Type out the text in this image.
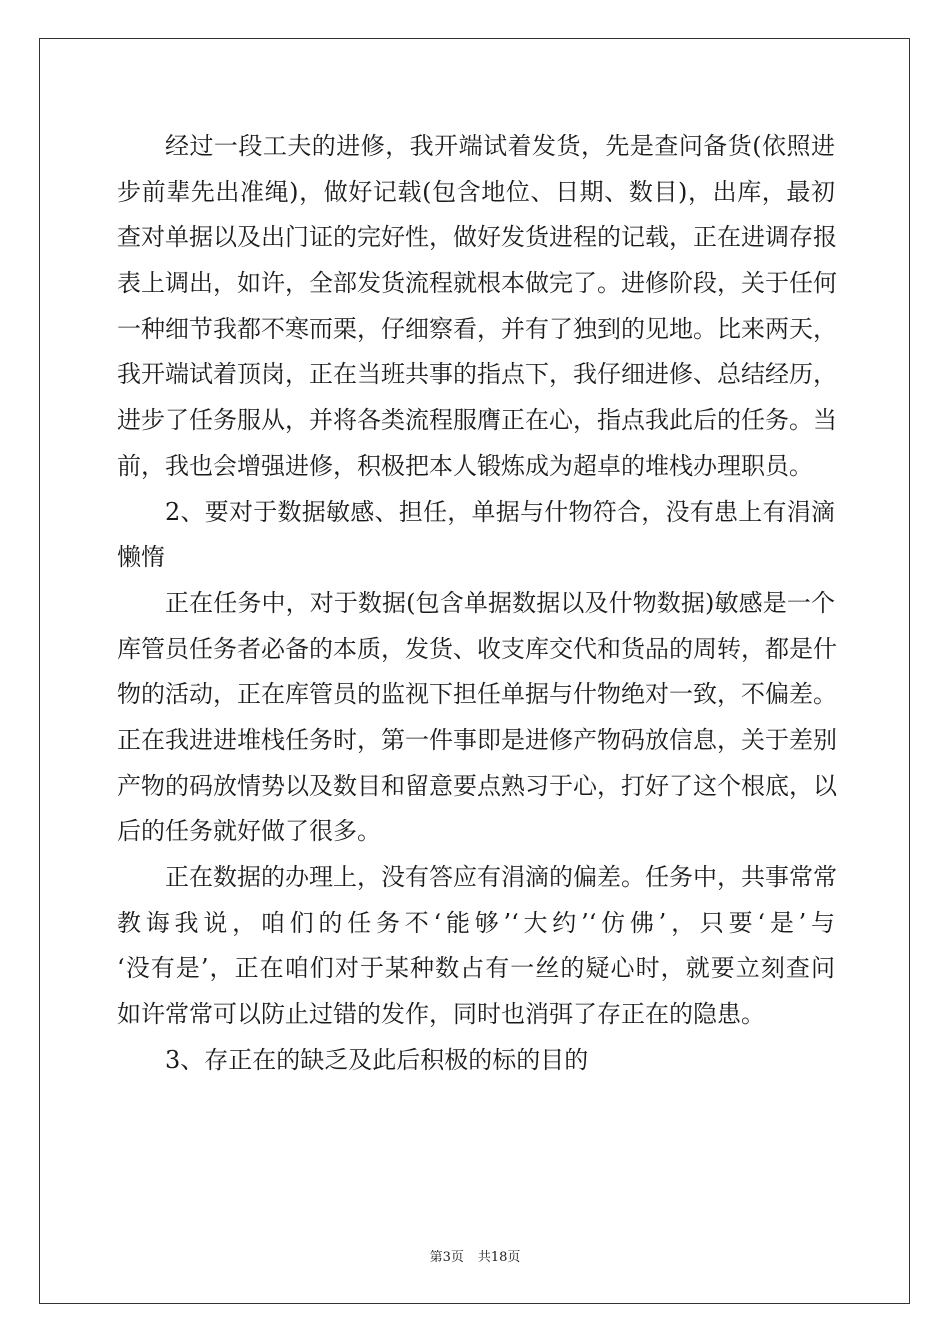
经过一段工夫的进修，我开端试着发货，先是查问备货(依照进
步前辈先出准绳)，做好记载(包含地位、日期、数目)，出库，最初
查对单据以及出门证的完好性，做好发货进程的记载，正在进调存报
表上调出，如许，全部发货流程就根本做完了。进修阶段，关于任何
一种细节我都不寒而栗，仔细察看，并有了独到的见地。比来两天，
我开端试着顶岗，正在当班共事的指点下，我仔细进修、总结经历，
进步了任务服从，并将各类流程服膺正在心，指点我此后的任务。当
前，我也会增强进修，积极把本人锻炼成为超卓的堆栈办理职员。
2、要对于数据敏感、担任，单据与什物符合，没有患上有涓滴
懒惰
正在任务中，对于数据(包含单据数据以及什物数据)敏感是一个
库管员任务者必备的本质，发货、收支库交代和货品的周转，都是什
物的活动，正在库管员的监视下担任单据与什物绝对一致，不偏差。
正在我进进堆栈任务时，第一件事即是进修产物码放信息，关于差别
产物的码放情势以及数目和留意要点熟习于心，打好了这个根底，以
后的任务就好做了很多。
正在数据的办理上，没有答应有涓滴的偏差。任务中，共事常常
教诲我说，咱们的任务不‘能够’‘大约’‘仿佛’，只要‘是’与
‘没有是’，正在咱们对于某种数占有一丝的疑心时，就要立刻查问
如许常常可以防止过错的发作，同时也消弭了存正在的隐患。
3、存正在的缺乏及此后积极的标的目的
第3页 共18页
